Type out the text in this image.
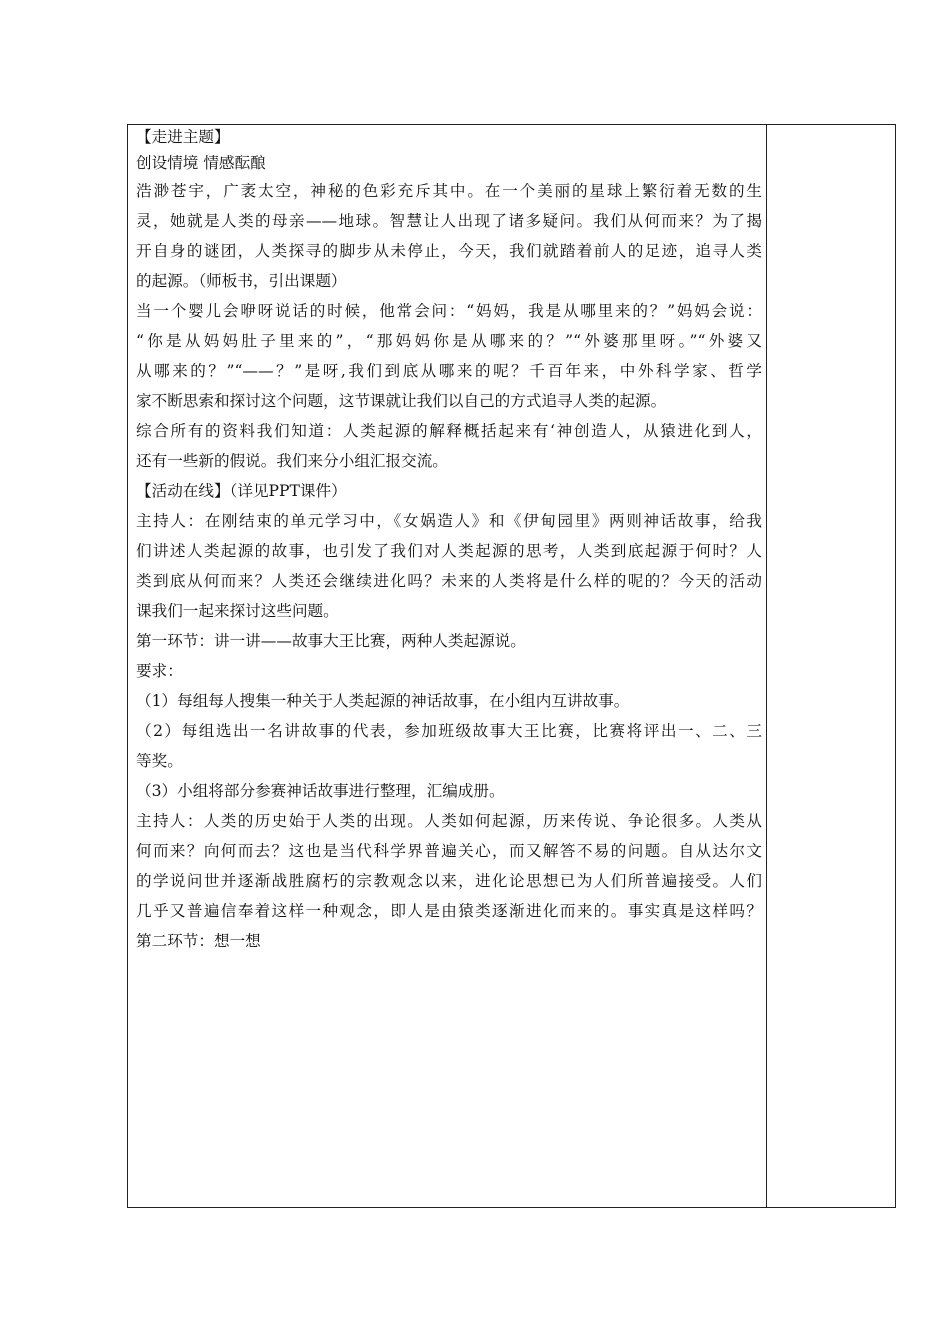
【走进主题】
创设情境 情感酝酿
浩渺苍宇，广袤太空，神秘的色彩充斥其中。在一个美丽的星球上繁衍着无数的生
灵，她就是人类的母亲——地球。智慧让人出现了诸多疑问。我们从何而来？为了揭
开自身的谜团，人类探寻的脚步从未停止，今天，我们就踏着前人的足迹，追寻人类
的起源。（师板书，引出课题）
当一个婴儿会咿呀说话的时候，他常会问：“妈妈，我是从哪里来的？”妈妈会说：
“你是从妈妈肚子里来的”，“那妈妈你是从哪来的？”“外婆那里呀。”“外婆又
从哪来的？”“——？”是呀,我们到底从哪来的呢？千百年来，中外科学家、哲学
家不断思索和探讨这个问题，这节课就让我们以自己的方式追寻人类的起源。
综合所有的资料我们知道：人类起源的解释概括起来有‘神创造人，从猿进化到人，
还有一些新的假说。我们来分小组汇报交流。
【活动在线】（详见PPT课件）
主持人：在刚结束的单元学习中，《女娲造人》和《伊甸园里》两则神话故事，给我
们讲述人类起源的故事，也引发了我们对人类起源的思考，人类到底起源于何时？人
类到底从何而来？人类还会继续进化吗？未来的人类将是什么样的呢的？今天的活动
课我们一起来探讨这些问题。
第一环节：讲一讲——故事大王比赛，两种人类起源说。
要求：
（1）每组每人搜集一种关于人类起源的神话故事，在小组内互讲故事。
（2）每组选出一名讲故事的代表，参加班级故事大王比赛，比赛将评出一、二、三
等奖。
（3）小组将部分参赛神话故事进行整理，汇编成册。
主持人：人类的历史始于人类的出现。人类如何起源，历来传说、争论很多。人类从
何而来？向何而去？这也是当代科学界普遍关心，而又解答不易的问题。自从达尔文
的学说问世并逐渐战胜腐朽的宗教观念以来，进化论思想已为人们所普遍接受。人们
几乎又普遍信奉着这样一种观念，即人是由猿类逐渐进化而来的。事实真是这样吗？
第二环节：想一想
